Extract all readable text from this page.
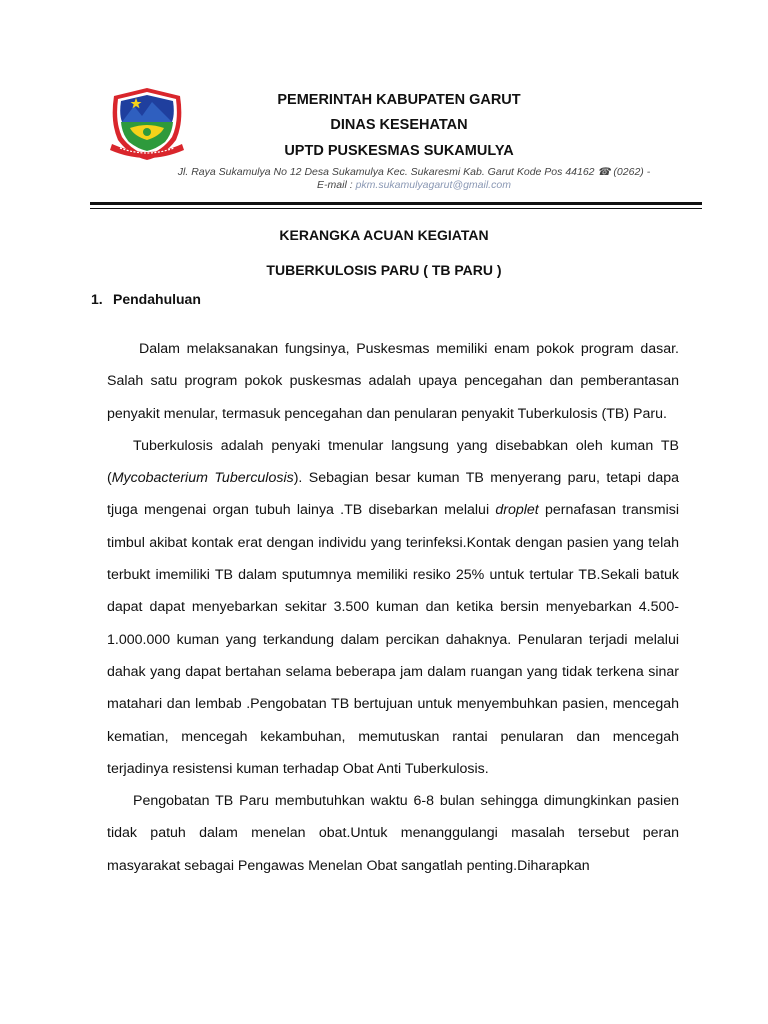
PEMERINTAH KABUPATEN GARUT
DINAS KESEHATAN
UPTD PUSKESMAS SUKAMULYA
Jl. Raya Sukamulya No 12 Desa Sukamulya Kec. Sukaresmi Kab. Garut Kode Pos 44162 ☎ (0262) -
E-mail : pkm.sukamulyagarut@gmail.com
KERANGKA ACUAN KEGIATAN
TUBERKULOSIS PARU ( TB PARU )
1. Pendahuluan

Dalam melaksanakan fungsinya, Puskesmas memiliki enam pokok program dasar. Salah satu program pokok puskesmas adalah upaya pencegahan dan pemberantasan penyakit menular, termasuk pencegahan dan penularan penyakit Tuberkulosis (TB) Paru.

Tuberkulosis adalah penyaki tmenular langsung yang disebabkan oleh kuman TB (Mycobacterium Tuberculosis). Sebagian besar kuman TB menyerang paru, tetapi dapa tjuga mengenai organ tubuh lainya .TB disebarkan melalui droplet pernafasan transmisi timbul akibat kontak erat dengan individu yang terinfeksi.Kontak dengan pasien yang telah terbukt imemiliki TB dalam sputumnya memiliki resiko 25% untuk tertular TB.Sekali batuk dapat dapat menyebarkan sekitar 3.500 kuman dan ketika bersin menyebarkan 4.500-1.000.000 kuman yang terkandung dalam percikan dahaknya. Penularan terjadi melalui dahak yang dapat bertahan selama beberapa jam dalam ruangan yang tidak terkena sinar matahari dan lembab .Pengobatan TB bertujuan untuk menyembuhkan pasien, mencegah kematian, mencegah kekambuhan, memutuskan rantai penularan dan mencegah terjadinya resistensi kuman terhadap Obat Anti Tuberkulosis.

Pengobatan TB Paru membutuhkan waktu 6-8 bulan sehingga dimungkinkan pasien tidak patuh dalam menelan obat.Untuk menanggulangi masalah tersebut peran masyarakat sebagai Pengawas Menelan Obat sangatlah penting.Diharapkan
